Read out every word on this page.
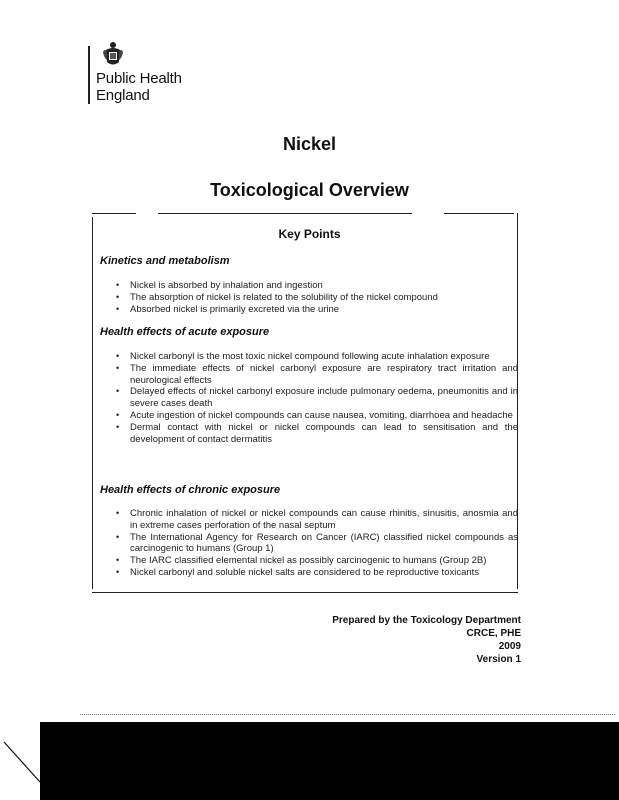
Public Health
England
Nickel
Toxicological Overview
Key Points
Kinetics and metabolism
• Nickel is absorbed by inhalation and ingestion
• The absorption of nickel is related to the solubility of the nickel compound
• Absorbed nickel is primarily excreted via the urine
Health effects of acute exposure
• Nickel carbonyl is the most toxic nickel compound following acute inhalation exposure
• The immediate effects of nickel carbonyl exposure are respiratory tract irritation and neurological effects
• Delayed effects of nickel carbonyl exposure include pulmonary oedema, pneumonitis and in severe cases death
• Acute ingestion of nickel compounds can cause nausea, vomiting, diarrhoea and headache
• Dermal contact with nickel or nickel compounds can lead to sensitisation and the development of contact dermatitis
Health effects of chronic exposure
• Chronic inhalation of nickel or nickel compounds can cause rhinitis, sinusitis, anosmia and in extreme cases perforation of the nasal septum
• The International Agency for Research on Cancer (IARC) classified nickel compounds as carcinogenic to humans (Group 1)
• The IARC classified elemental nickel as possibly carcinogenic to humans (Group 2B)
• Nickel carbonyl and soluble nickel salts are considered to be reproductive toxicants
Prepared by the Toxicology Department
CRCE, PHE
2009
Version 1
